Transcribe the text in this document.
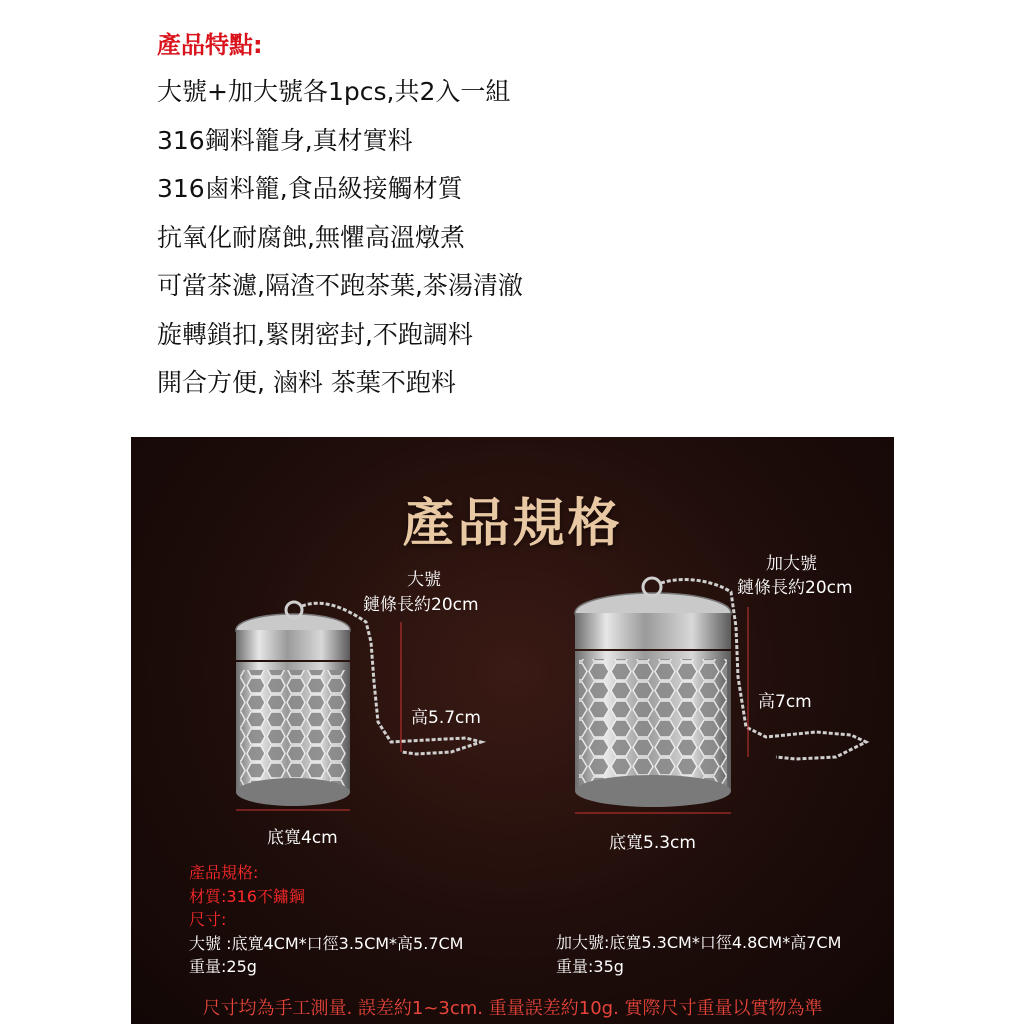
產品特點:
大號+加大號各1pcs,共2入一組
316鋼料籠身,真材實料
316鹵料籠,食品級接觸材質
抗氧化耐腐蝕,無懼高溫燉煮
可當茶濾,隔渣不跑茶葉,茶湯清澈
旋轉鎖扣,緊閉密封,不跑調料
開合方便, 滷料 茶葉不跑料
產品規格
大號
鏈條長約20cm
高5.7cm
底寬4cm
加大號
鏈條長約20cm
高7cm
底寬5.3cm
產品規格:
材質:316不鏽鋼
尺寸:
大號 :底寬4CM*口徑3.5CM*高5.7CM
重量:25g
加大號:底寬5.3CM*口徑4.8CM*高7CM
重量:35g
尺寸均為手工測量. 誤差約1~3cm. 重量誤差約10g. 實際尺寸重量以實物為準
